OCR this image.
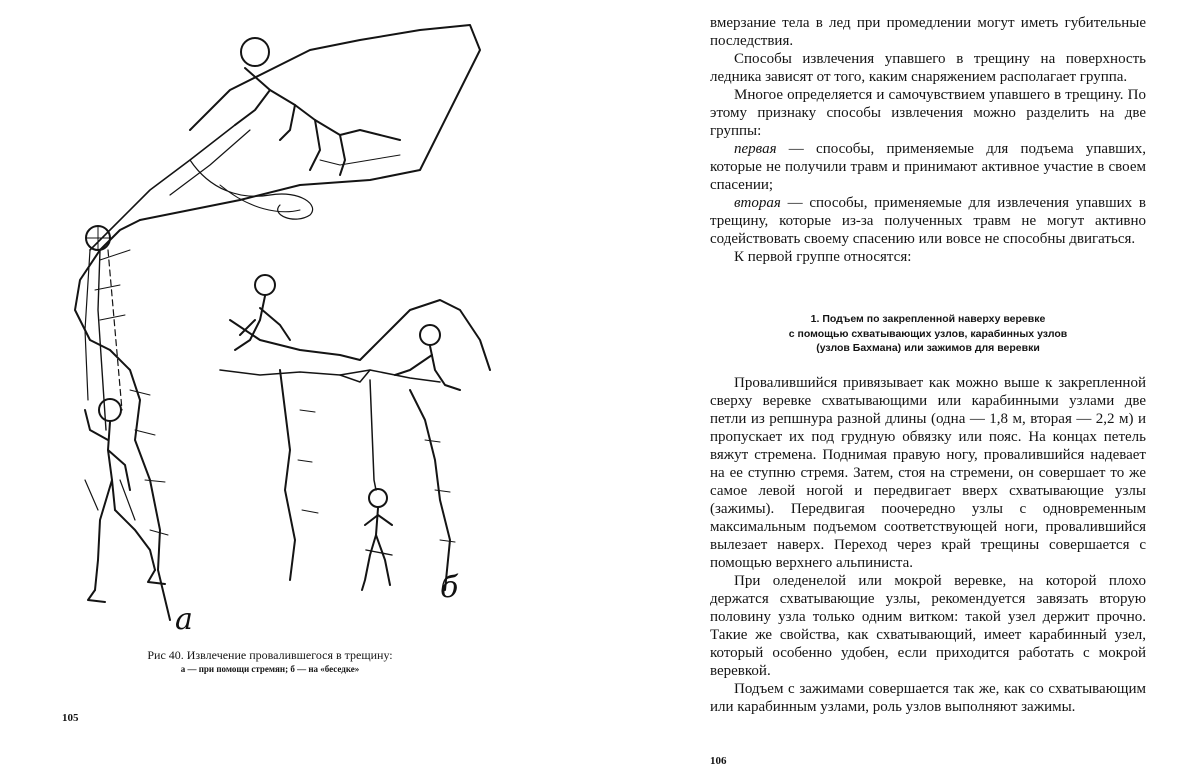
а
б
Рис 40. Извлечение провалившегося в трещину:
а — при помощи стремян; б — на «беседке»
105

вмерзание тела в лед при промедлении могут иметь губительные последствия.

Способы извлечения упавшего в трещину на поверхность ледника зависят от того, каким снаряжением располагает группа.

Многое определяется и самочувствием упавшего в трещину. По этому признаку способы извлечения можно разделить на две группы:

первая — способы, применяемые для подъема упавших, которые не получили травм и принимают активное участие в своем спасении;

вторая — способы, применяемые для извлечения упавших в трещину, которые из-за полученных травм не могут активно содействовать своему спасению или вовсе не способны двигаться.

К первой группе относятся:

1. Подъем по закрепленной наверху веревке
с помощью схватывающих узлов, карабинных узлов
(узлов Бахмана) или зажимов для веревки

Провалившийся привязывает как можно выше к закрепленной сверху веревке схватывающими или карабинными узлами две петли из репшнура разной длины (одна — 1,8 м, вторая — 2,2 м) и пропускает их под грудную обвязку или пояс. На концах петель вяжут стремена. Поднимая правую ногу, провалившийся надевает на ее ступню стремя. Затем, стоя на стремени, он совершает то же самое левой ногой и передвигает вверх схватывающие узлы (зажимы). Передвигая поочередно узлы с одновременным максимальным подъемом соответствующей ноги, провалившийся вылезает наверх. Переход через край трещины совершается с помощью верхнего альпиниста.

При оледенелой или мокрой веревке, на которой плохо держатся схватывающие узлы, рекомендуется завязать вторую половину узла только одним витком: такой узел держит прочно. Такие же свойства, как схватывающий, имеет карабинный узел, который особенно удобен, если приходится работать с мокрой веревкой.

Подъем с зажимами совершается так же, как со схватывающим или карабинным узлами, роль узлов выполняют зажимы.

106
